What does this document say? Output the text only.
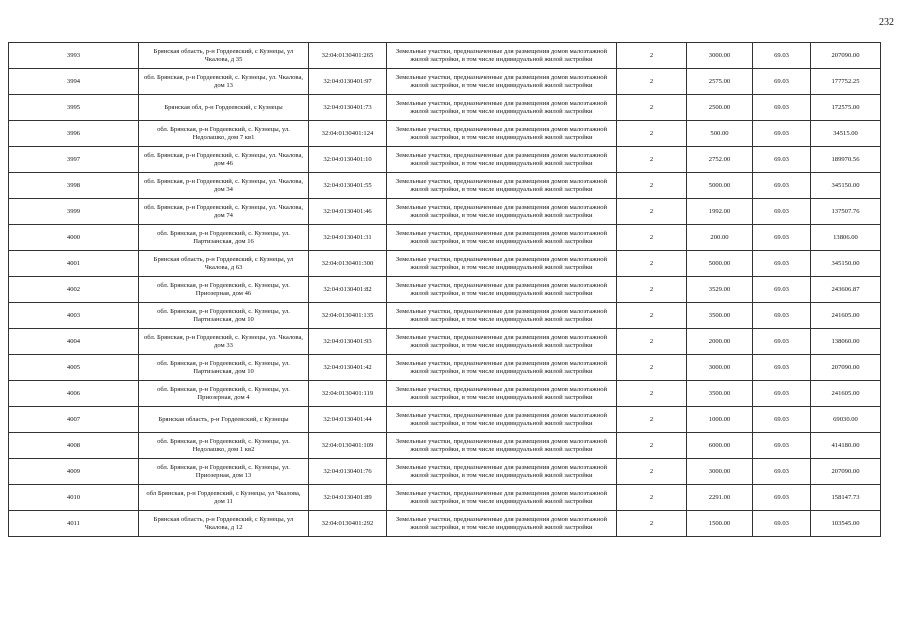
232
3993	Брянская область, р-н Гордеевский, с Кузнецы, ул Чкалова, д 35	32:04:0130401:265	Земельные участки, предназначенные для размещения домов малоэтажной жилой застройки, в том числе индивидуальной жилой застройки	2	3000.00	69.03	207090.00
3994	обл. Брянская, р-н Гордеевский, с. Кузнецы, ул. Чкалова, дом 13	32:04:0130401:97	Земельные участки, предназначенные для размещения домов малоэтажной жилой застройки, в том числе индивидуальной жилой застройки	2	2575.00	69.03	177752.25
3995	Брянская обл, р-н Гордеевский, с Кузнецы	32:04:0130401:73	Земельные участки, предназначенные для размещения домов малоэтажной жилой застройки, в том числе индивидуальной жилой застройки	2	2500.00	69.03	172575.00
3996	обл. Брянская, р-н Гордеевский, с. Кузнецы, ул. Недолашко, дом 7 кв1	32:04:0130401:124	Земельные участки, предназначенные для размещения домов малоэтажной жилой застройки, в том числе индивидуальной жилой застройки	2	500.00	69.03	34515.00
3997	обл. Брянская, р-н Гордеевский, с. Кузнецы, ул. Чкалова, дом 46	32:04:0130401:10	Земельные участки, предназначенные для размещения домов малоэтажной жилой застройки, в том числе индивидуальной жилой застройки	2	2752.00	69.03	189970.56
3998	обл. Брянская, р-н Гордеевский, с. Кузнецы, ул. Чкалова, дом 34	32:04:0130401:55	Земельные участки, предназначенные для размещения домов малоэтажной жилой застройки, в том числе индивидуальной жилой застройки	2	5000.00	69.03	345150.00
3999	обл. Брянская, р-н Гордеевский, с. Кузнецы, ул. Чкалова, дом 74	32:04:0130401:46	Земельные участки, предназначенные для размещения домов малоэтажной жилой застройки, в том числе индивидуальной жилой застройки	2	1992.00	69.03	137507.76
4000	обл. Брянская, р-н Гордеевский, с. Кузнецы, ул. Партизанская, дом 16	32:04:0130401:31	Земельные участки, предназначенные для размещения домов малоэтажной жилой застройки, в том числе индивидуальной жилой застройки	2	200.00	69.03	13806.00
4001	Брянская область, р-н Гордеевский, с Кузнецы, ул Чкалова, д 63	32:04:0130401:300	Земельные участки, предназначенные для размещения домов малоэтажной жилой застройки, в том числе индивидуальной жилой застройки	2	5000.00	69.03	345150.00
4002	обл. Брянская, р-н Гордеевский, с. Кузнецы, ул. Приозерная, дом 46	32:04:0130401:82	Земельные участки, предназначенные для размещения домов малоэтажной жилой застройки, в том числе индивидуальной жилой застройки	2	3529.00	69.03	243606.87
4003	обл. Брянская, р-н Гордеевский, с. Кузнецы, ул. Партизанская, дом 10	32:04:0130401:135	Земельные участки, предназначенные для размещения домов малоэтажной жилой застройки, в том числе индивидуальной жилой застройки	2	3500.00	69.03	241605.00
4004	обл. Брянская, р-н Гордеевский, с. Кузнецы, ул. Чкалова, дом 33	32:04:0130401:93	Земельные участки, предназначенные для размещения домов малоэтажной жилой застройки, в том числе индивидуальной жилой застройки	2	2000.00	69.03	138060.00
4005	обл. Брянская, р-н Гордеевский, с. Кузнецы, ул. Партизанская, дом 10	32:04:0130401:42	Земельные участки, предназначенные для размещения домов малоэтажной жилой застройки, в том числе индивидуальной жилой застройки	2	3000.00	69.03	207090.00
4006	обл. Брянская, р-н Гордеевский, с. Кузнецы, ул. Приозерная, дом 4	32:04:0130401:119	Земельные участки, предназначенные для размещения домов малоэтажной жилой застройки, в том числе индивидуальной жилой застройки	2	3500.00	69.03	241605.00
4007	Брянская область, р-н Гордеевский, с Кузнецы	32:04:0130401:44	Земельные участки, предназначенные для размещения домов малоэтажной жилой застройки, в том числе индивидуальной жилой застройки	2	1000.00	69.03	69030.00
4008	обл. Брянская, р-н Гордеевский, с. Кузнецы, ул. Недолашко, дом 1 кв2	32:04:0130401:109	Земельные участки, предназначенные для размещения домов малоэтажной жилой застройки, в том числе индивидуальной жилой застройки	2	6000.00	69.03	414180.00
4009	обл. Брянская, р-н Гордеевский, с. Кузнецы, ул. Приозерная, дом 13	32:04:0130401:76	Земельные участки, предназначенные для размещения домов малоэтажной жилой застройки, в том числе индивидуальной жилой застройки	2	3000.00	69.03	207090.00
4010	обл Брянская, р-н Гордеевский, с Кузнецы, ул Чкалова, дом 11	32:04:0130401:89	Земельные участки, предназначенные для размещения домов малоэтажной жилой застройки, в том числе индивидуальной жилой застройки	2	2291.00	69.03	158147.73
4011	Брянская область, р-н Гордеевский, с Кузнецы, ул Чкалова, д 12	32:04:0130401:292	Земельные участки, предназначенные для размещения домов малоэтажной жилой застройки, в том числе индивидуальной жилой застройки	2	1500.00	69.03	103545.00
